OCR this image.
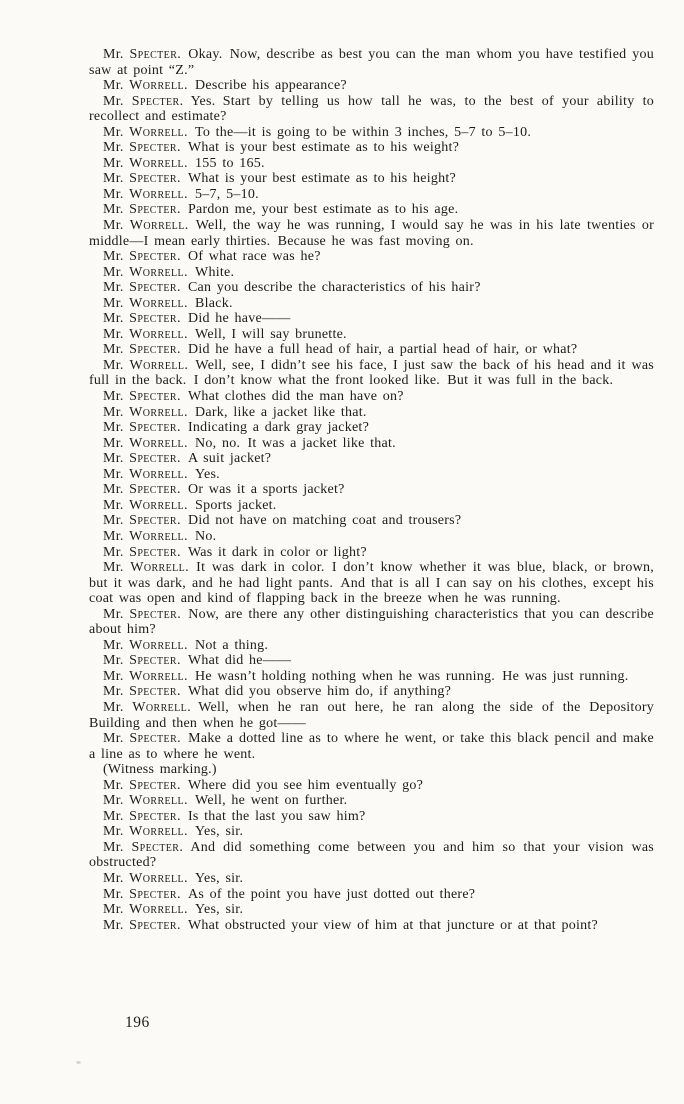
Mr. Specter. Okay. Now, describe as best you can the man whom you have testified you saw at point “Z.”

Mr. Worrell. Describe his appearance?

Mr. Specter. Yes. Start by telling us how tall he was, to the best of your ability to recollect and estimate?

Mr. Worrell. To the—it is going to be within 3 inches, 5–7 to 5–10.

Mr. Specter. What is your best estimate as to his weight?

Mr. Worrell. 155 to 165.

Mr. Specter. What is your best estimate as to his height?

Mr. Worrell. 5–7, 5–10.

Mr. Specter. Pardon me, your best estimate as to his age.

Mr. Worrell. Well, the way he was running, I would say he was in his late twenties or middle—I mean early thirties. Because he was fast moving on.

Mr. Specter. Of what race was he?

Mr. Worrell. White.

Mr. Specter. Can you describe the characteristics of his hair?

Mr. Worrell. Black.

Mr. Specter. Did he have——

Mr. Worrell. Well, I will say brunette.

Mr. Specter. Did he have a full head of hair, a partial head of hair, or what?

Mr. Worrell. Well, see, I didn’t see his face, I just saw the back of his head and it was full in the back. I don’t know what the front looked like. But it was full in the back.

Mr. Specter. What clothes did the man have on?

Mr. Worrell. Dark, like a jacket like that.

Mr. Specter. Indicating a dark gray jacket?

Mr. Worrell. No, no. It was a jacket like that.

Mr. Specter. A suit jacket?

Mr. Worrell. Yes.

Mr. Specter. Or was it a sports jacket?

Mr. Worrell. Sports jacket.

Mr. Specter. Did not have on matching coat and trousers?

Mr. Worrell. No.

Mr. Specter. Was it dark in color or light?

Mr. Worrell. It was dark in color. I don’t know whether it was blue, black, or brown, but it was dark, and he had light pants. And that is all I can say on his clothes, except his coat was open and kind of flapping back in the breeze when he was running.

Mr. Specter. Now, are there any other distinguishing characteristics that you can describe about him?

Mr. Worrell. Not a thing.

Mr. Specter. What did he——

Mr. Worrell. He wasn’t holding nothing when he was running. He was just running.

Mr. Specter. What did you observe him do, if anything?

Mr. Worrell. Well, when he ran out here, he ran along the side of the Depository Building and then when he got——

Mr. Specter. Make a dotted line as to where he went, or take this black pencil and make a line as to where he went.

(Witness marking.)

Mr. Specter. Where did you see him eventually go?

Mr. Worrell. Well, he went on further.

Mr. Specter. Is that the last you saw him?

Mr. Worrell. Yes, sir.

Mr. Specter. And did something come between you and him so that your vision was obstructed?

Mr. Worrell. Yes, sir.

Mr. Specter. As of the point you have just dotted out there?

Mr. Worrell. Yes, sir.

Mr. Specter. What obstructed your view of him at that juncture or at that point?

196
